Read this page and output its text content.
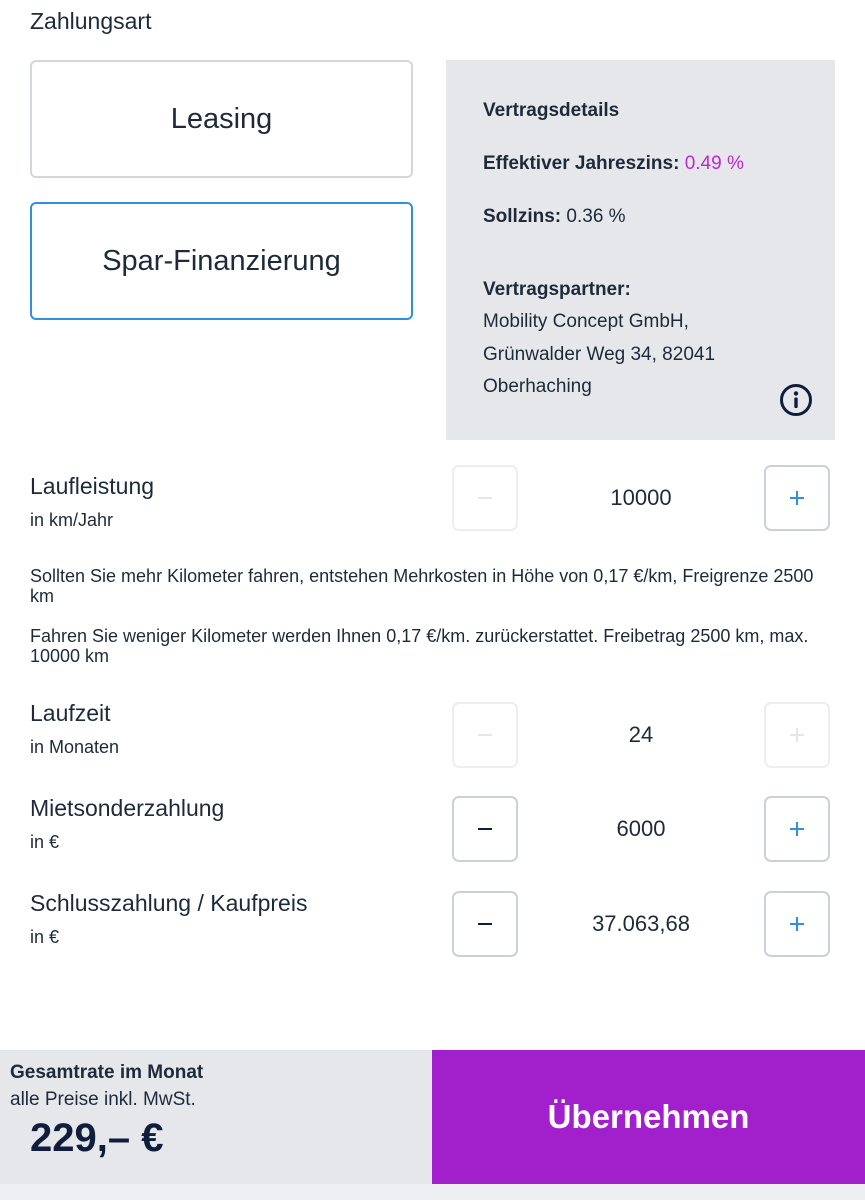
Zahlungsart
Leasing
Spar-Finanzierung
Vertragsdetails
Effektiver Jahreszins: 0.49 %
Sollzins: 0.36 %
Vertragspartner:
Mobility Concept GmbH,
Grünwalder Weg 34, 82041
Oberhaching
Laufleistung
in km/Jahr
10000
Sollten Sie mehr Kilometer fahren, entstehen Mehrkosten in Höhe von 0,17 €/km, Freigrenze 2500 km
Fahren Sie weniger Kilometer werden Ihnen 0,17 €/km. zurückerstattet. Freibetrag 2500 km, max. 10000 km
Laufzeit
in Monaten	24
Mietsonderzahlung
in €
6000
Schlusszahlung / Kaufpreis
in €
37.063,68
Gesamtrate im Monat
alle Preise inkl. MwSt.
229,– €	Übernehmen
